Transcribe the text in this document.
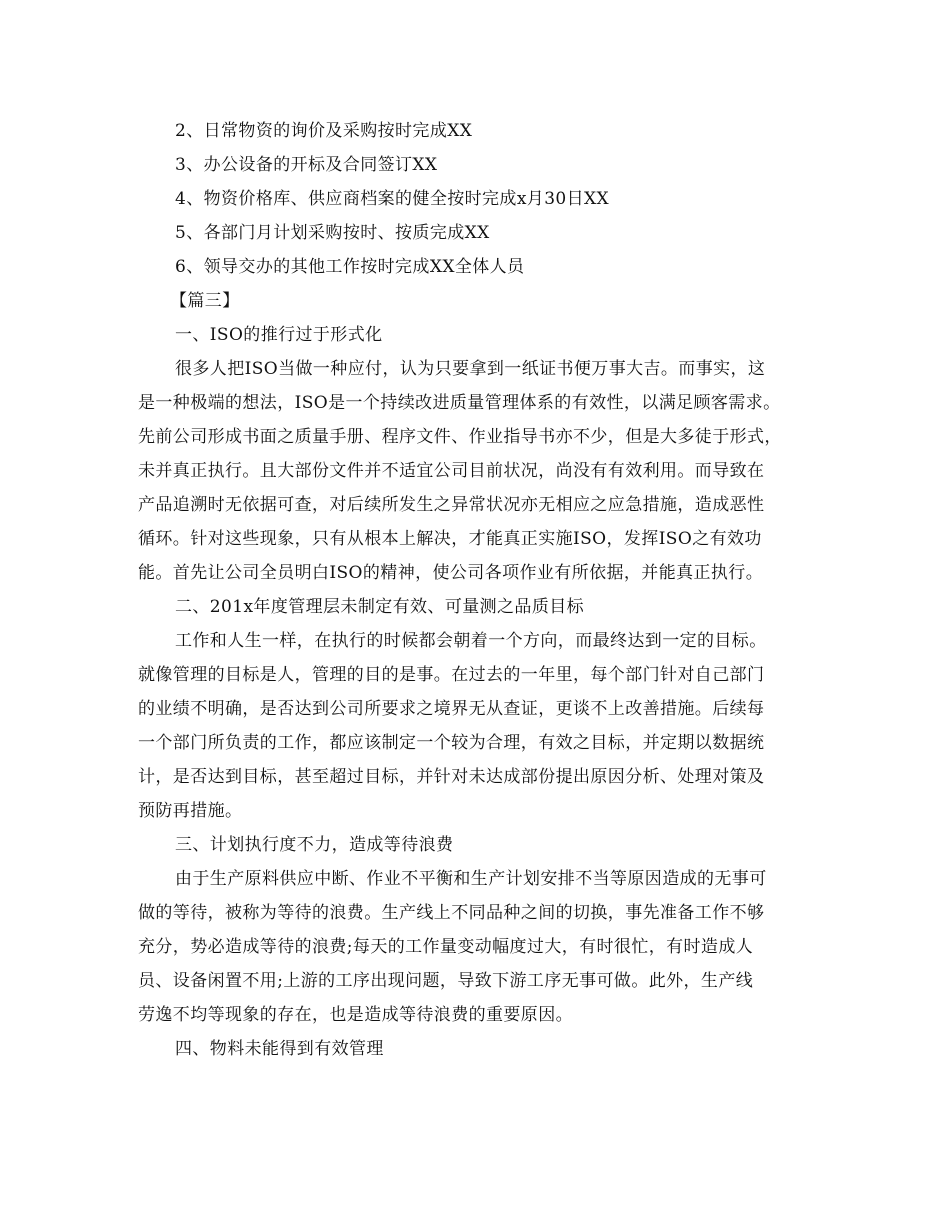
2、日常物资的询价及采购按时完成XX
3、办公设备的开标及合同签订XX
4、物资价格库、供应商档案的健全按时完成x月30日XX
5、各部门月计划采购按时、按质完成XX
6、领导交办的其他工作按时完成XX全体人员
【篇三】
一、ISO的推行过于形式化
很多人把ISO当做一种应付，认为只要拿到一纸证书便万事大吉。而事实，这
是一种极端的想法，ISO是一个持续改进质量管理体系的有效性，以满足顾客需求。
先前公司形成书面之质量手册、程序文件、作业指导书亦不少，但是大多徒于形式，
未并真正执行。且大部份文件并不适宜公司目前状况，尚没有有效利用。而导致在
产品追溯时无依据可查，对后续所发生之异常状况亦无相应之应急措施，造成恶性
循环。针对这些现象，只有从根本上解决，才能真正实施ISO，发挥ISO之有效功
能。首先让公司全员明白ISO的精神，使公司各项作业有所依据，并能真正执行。
二、201x年度管理层未制定有效、可量测之品质目标
工作和人生一样，在执行的时候都会朝着一个方向，而最终达到一定的目标。
就像管理的目标是人，管理的目的是事。在过去的一年里，每个部门针对自己部门
的业绩不明确，是否达到公司所要求之境界无从查证，更谈不上改善措施。后续每
一个部门所负责的工作，都应该制定一个较为合理，有效之目标，并定期以数据统
计，是否达到目标，甚至超过目标，并针对未达成部份提出原因分析、处理对策及
预防再措施。
三、计划执行度不力，造成等待浪费
由于生产原料供应中断、作业不平衡和生产计划安排不当等原因造成的无事可
做的等待，被称为等待的浪费。生产线上不同品种之间的切换，事先准备工作不够
充分，势必造成等待的浪费;每天的工作量变动幅度过大，有时很忙，有时造成人
员、设备闲置不用;上游的工序出现问题，导致下游工序无事可做。此外，生产线
劳逸不均等现象的存在，也是造成等待浪费的重要原因。
四、物料未能得到有效管理
